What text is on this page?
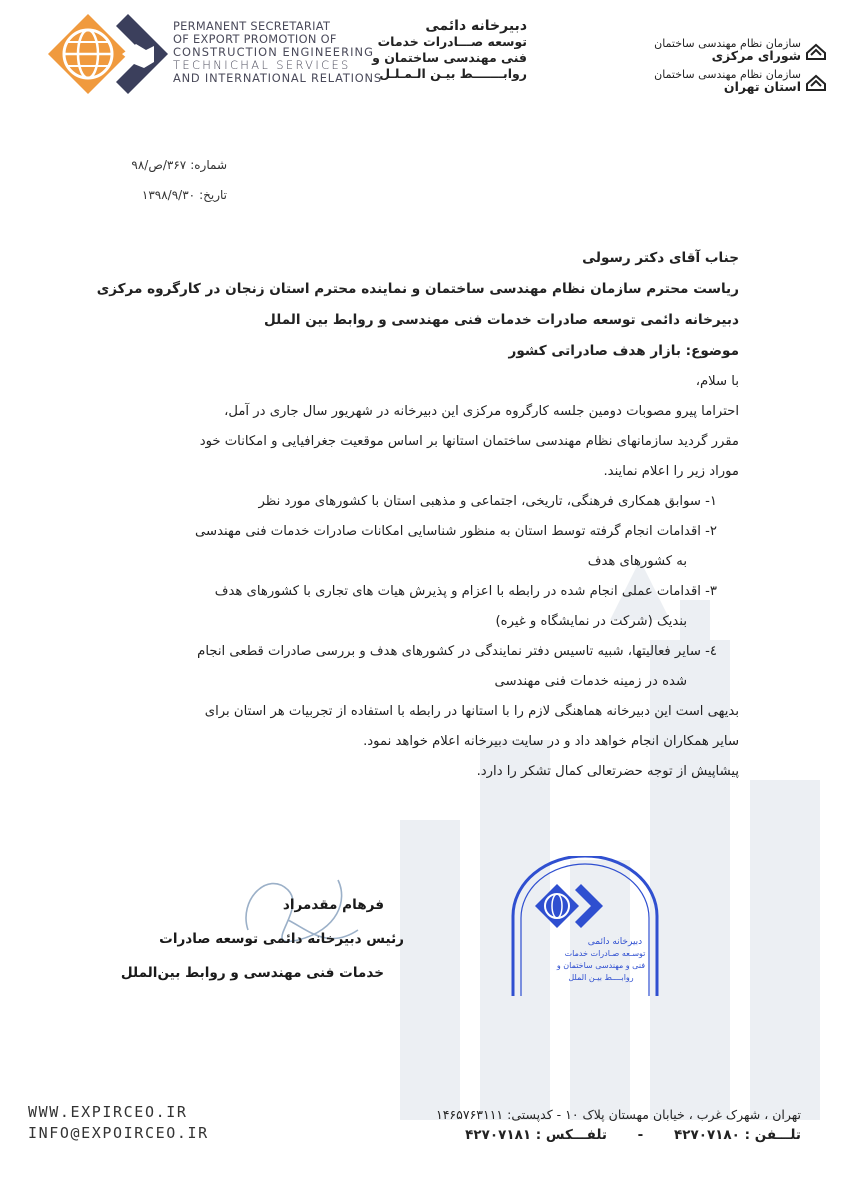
PERMANENT SECRETARIAT
OF EXPORT PROMOTION OF
CONSTRUCTION ENGINEERING
TECHNICHAL SERVICES
AND INTERNATIONAL RELATIONS
دبیرخانه دائمی
توسعه صـــادرات خدمات
فنی مهندسی ساختمان و
روابـــــــط بیـن الـمـلـل
سازمان نظام مهندسی ساختمان
شورای مرکزی
سازمان نظام مهندسی ساختمان
استان تهران
شماره:۳۶۷/ص/۹۸
تاریخ:۱۳۹۸/۹/۳۰
جناب آقای دکتر رسولی
ریاست محترم سازمان نظام مهندسی ساختمان و نماینده محترم استان زنجان در کارگروه مرکزی
دبیرخانه دائمی توسعه صادرات خدمات فنی مهندسی و روابط بین الملل
موضوع: بازار هدف صادراتی کشور
با سلام،
احتراما پیرو مصوبات دومین جلسه کارگروه مرکزی این دبیرخانه در شهریور سال جاری در آمل،
مقرر گردید سازمانهای نظام مهندسی ساختمان استانها بر اساس موقعیت جغرافیایی و امکانات خود
موراد زیر را اعلام نمایند.
۱- سوابق همکاری فرهنگی، تاریخی، اجتماعی و مذهبی استان با کشورهای مورد نظر
۲- اقدامات انجام گرفته توسط استان به منظور شناسایی امکانات صادرات خدمات فنی مهندسی
به کشورهای هدف
۳- اقدامات عملی انجام شده در رابطه با اعزام و پذیرش هیات های تجاری با کشورهای هدف
بندیک (شرکت در نمایشگاه و غیره)
٤- سایر فعالیتها، شبیه تاسیس دفتر نمایندگی در کشورهای هدف و بررسی صادرات قطعی انجام
شده در زمینه خدمات فنی مهندسی
بدیهی است این دبیرخانه هماهنگی لازم را با استانها در رابطه با استفاده از تجربیات هر استان برای
سایر همکاران انجام خواهد داد و در سایت دبیرخانه اعلام خواهد نمود.
پیشاپیش از توجه حضرتعالی کمال تشکر را دارد.
فرهام مقدمراد
رئیس دبیرخانه دائمی توسعه صادرات
خدمات فنی مهندسی و روابط بین‌الملل
دبیرخانه دائمی
توسـعه صـادرات خدمات
فنی و مهندسی ساختمان و
روابــــط بیـن الملل
WWW.EXPIRCEO.IR
INFO@EXPOIRCEO.IR
تهران ، شهرک غرب ، خیابان مهستان پلاک ۱۰ - کدپستی: ۱۴۶۵۷۶۳۱۱۱
تلـــفن : ۴۲۷۰۷۱۸۰ - تلفـــکس : ۴۲۷۰۷۱۸۱
